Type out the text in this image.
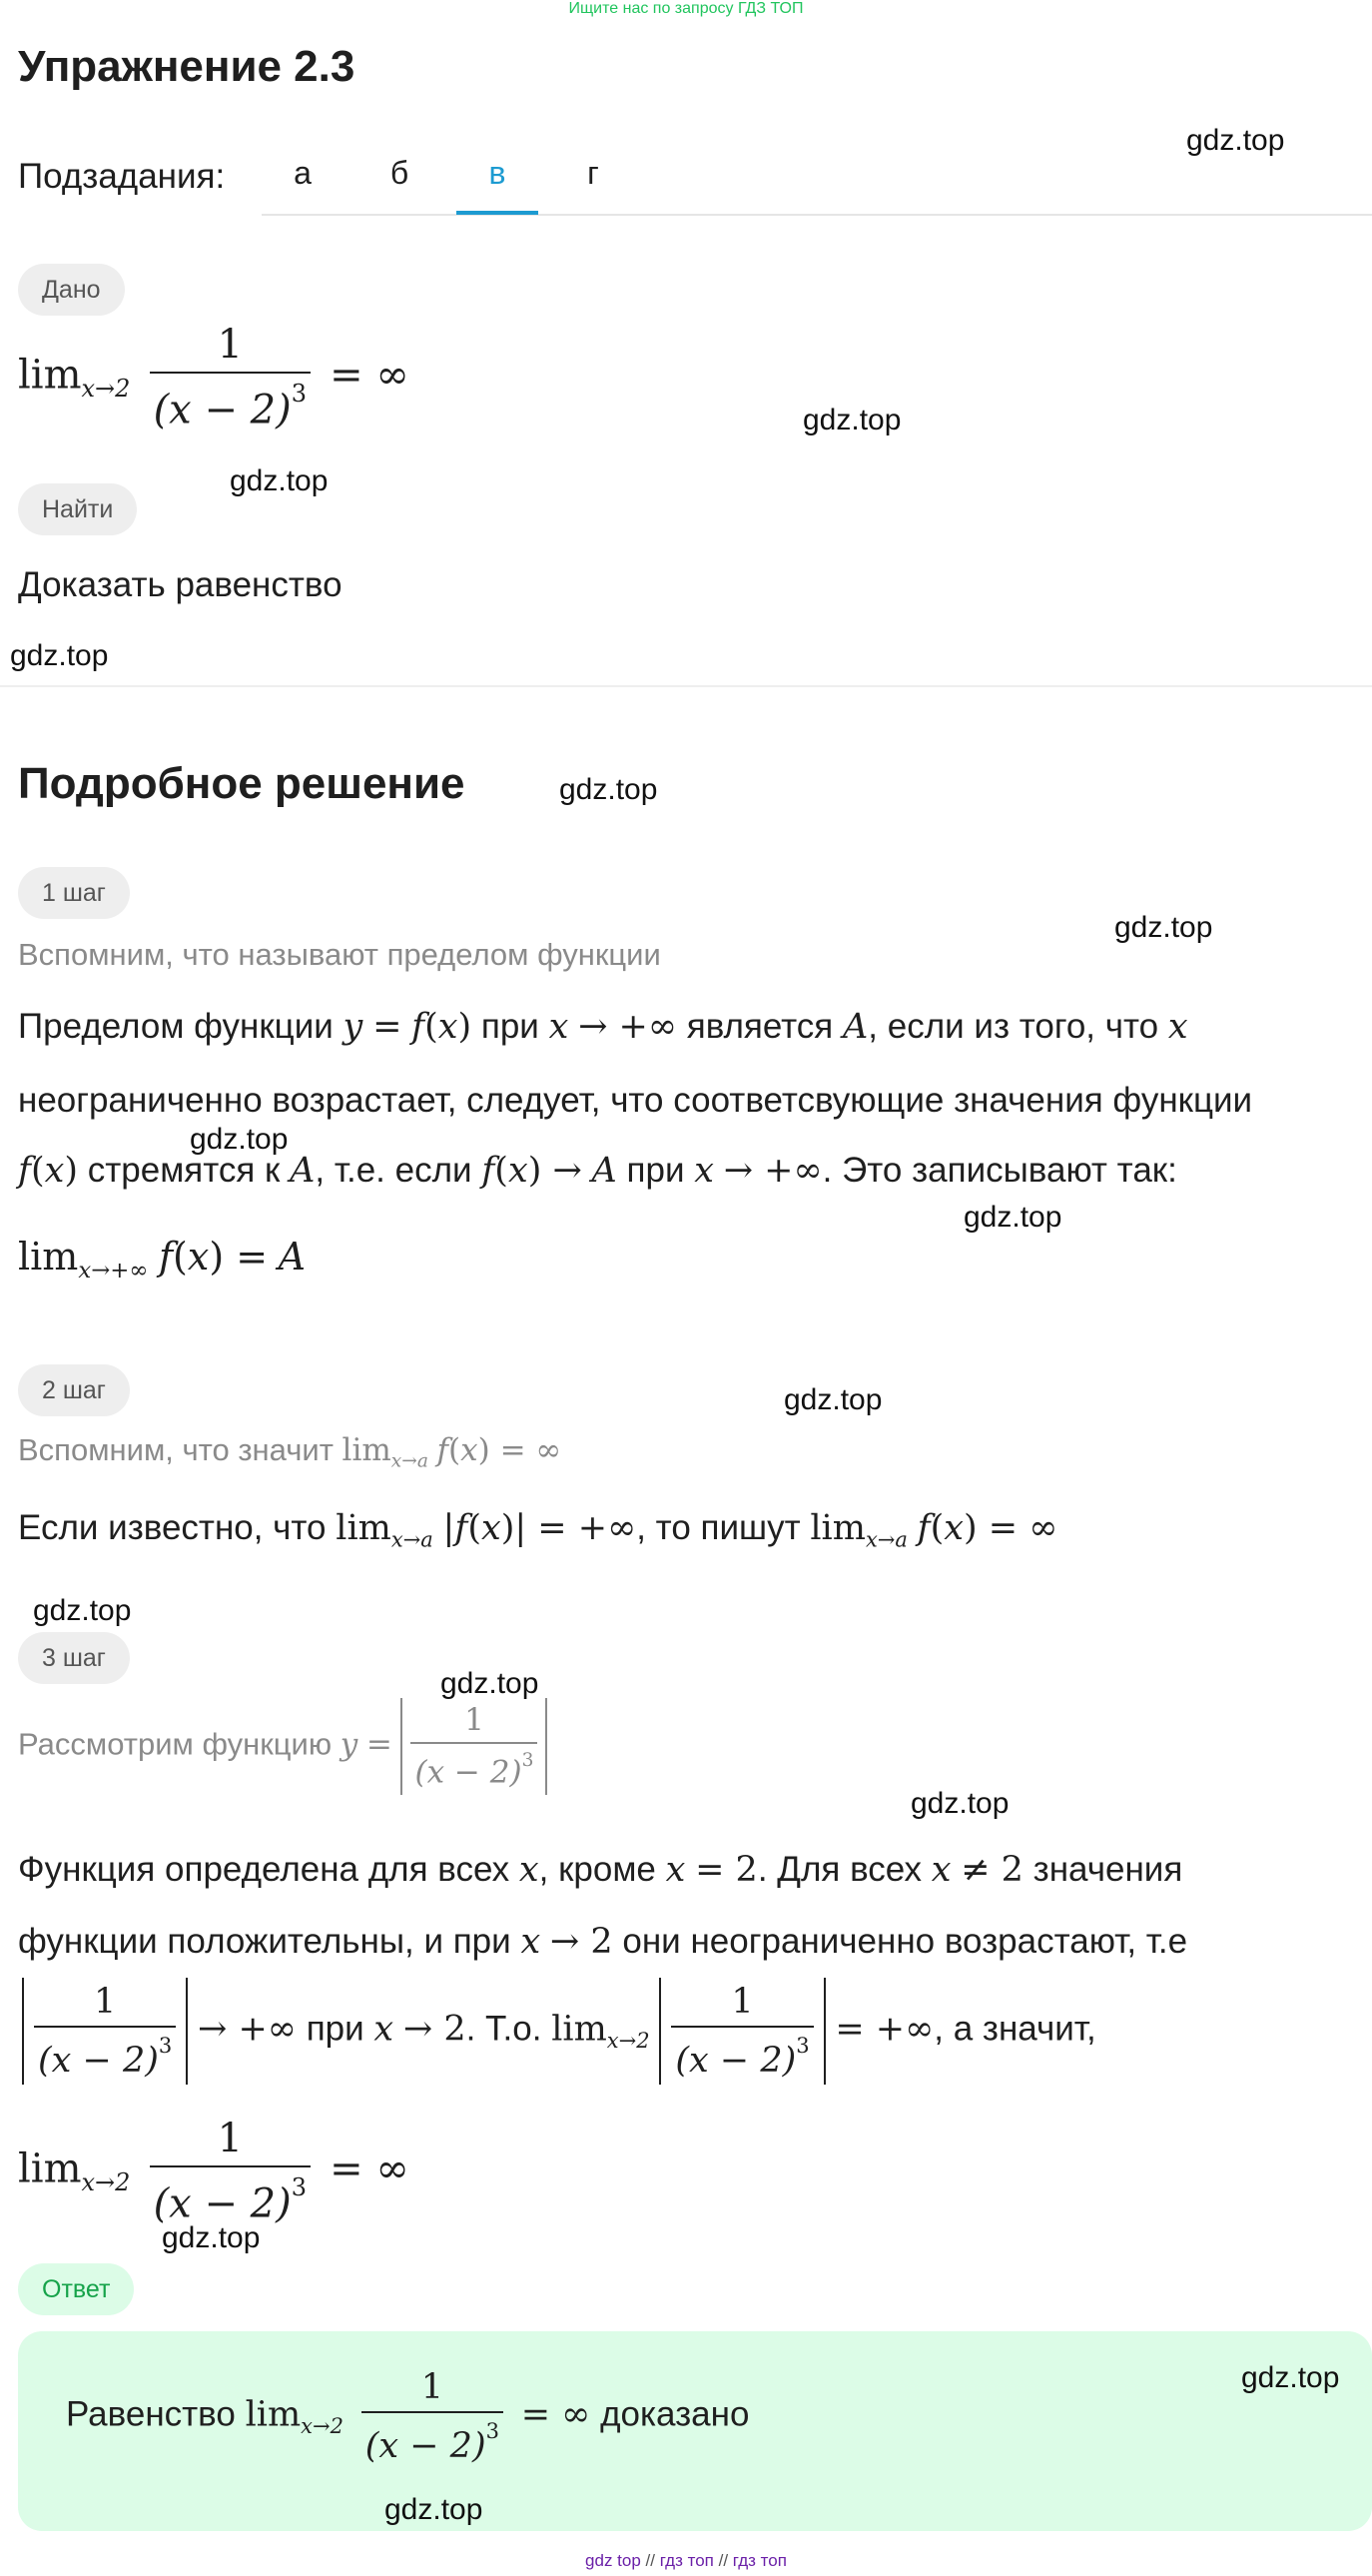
Ищите нас по запросу ГДЗ ТОП
Упражнение 2.3
Подзадания: а б	в	г
Дано
$\lim_{x\to 2} \frac{1}{(x - 2)^3}$ = ∞
Найти
Доказать равенство
Подробное решение
1 шаг
Вспомним, что называют пределом функции
Пределом функции y = f(x) при x → +∞ является A, если из того, что x
неограниченно возрастает, следует, что соответсвующие значения функции
f(x) стремятся к A, т.е. если f(x) → A при x → +∞. Это записывают так:
$\lim_{x\to+\infty} f(x) = A$
2 шаг
Вспомним, что значит $\lim_{x\to a} f(x)$ = ∞
Если известно, что $\lim_{x\to a} |f(x)|$ = +∞, то пишут $\lim_{x\to a} f(x)$ = ∞
3 шаг
Рассмотрим функцию $y = \frac{1}{(x - 2)^3}$
Функция определена для всех x, кроме x = 2. Для всех x ≠ 2 значения
функции положительны, и при x → 2 они неограниченно возрастают, т.е
$\frac{1}{(x - 2)^3}$ → +∞ при x → 2. Т.о. $\lim_{x\to 2} \frac{1}{(x - 2)^3}$ = +∞, а значит,
$\lim_{x\to 2} \frac{1}{(x - 2)^3}$ = ∞
Ответ
Равенство $\lim_{x\to 2} \frac{1}{(x - 2)^3}$ = ∞ доказано
gdz.top
gdz.top
gdz.top
gdz.top
gdz.top
gdz.top
gdz.top
gdz.top
gdz.top
gdz.top
gdz.top
gdz.top
gdz.top
gdz.top
gdz.top
gdz top // гдз топ // гдз топ
